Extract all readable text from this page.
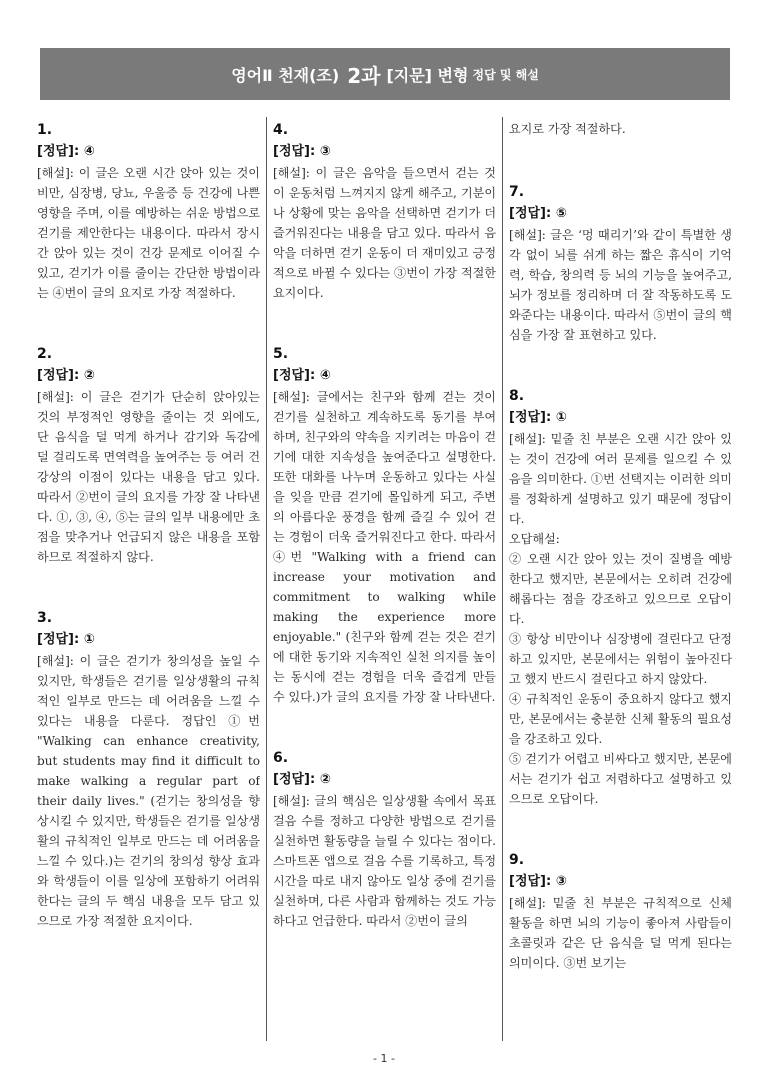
영어Ⅱ 천재(조) 2과 [지문] 변형 정답 및 해설
1.
[정답]: ④

[해설]: 이 글은 오랜 시간 앉아 있는 것이 비만, 심장병, 당뇨, 우울증 등 건강에 나쁜 영향을 주며, 이를 예방하는 쉬운 방법으로 걷기를 제안한다는 내용이다. 따라서 장시간 앉아 있는 것이 건강 문제로 이어질 수 있고, 걷기가 이를 줄이는 간단한 방법이라는 ④번이 글의 요지로 가장 적절하다.

2.
[정답]: ②

[해설]: 이 글은 걷기가 단순히 앉아있는 것의 부정적인 영향을 줄이는 것 외에도, 단 음식을 덜 먹게 하거나 감기와 독감에 덜 걸리도록 면역력을 높여주는 등 여러 건강상의 이점이 있다는 내용을 담고 있다. 따라서 ②번이 글의 요지를 가장 잘 나타낸다. ①, ③, ④, ⑤는 글의 일부 내용에만 초점을 맞추거나 언급되지 않은 내용을 포함하므로 적절하지 않다.

3.
[정답]: ①

[해설]: 이 글은 걷기가 창의성을 높일 수 있지만, 학생들은 걷기를 일상생활의 규칙적인 일부로 만드는 데 어려움을 느낄 수 있다는 내용을 다룬다. 정답인 ①번 "Walking can enhance creativity, but students may find it difficult to make walking a regular part of their daily lives." (걷기는 창의성을 향상시킬 수 있지만, 학생들은 걷기를 일상생활의 규칙적인 일부로 만드는 데 어려움을 느낄 수 있다.)는 걷기의 창의성 향상 효과와 학생들이 이를 일상에 포함하기 어려워한다는 글의 두 핵심 내용을 모두 담고 있으므로 가장 적절한 요지이다.

4.
[정답]: ③

[해설]: 이 글은 음악을 들으면서 걷는 것이 운동처럼 느껴지지 않게 해주고, 기분이나 상황에 맞는 음악을 선택하면 걷기가 더 즐거워진다는 내용을 담고 있다. 따라서 음악을 더하면 걷기 운동이 더 재미있고 긍정적으로 바뀔 수 있다는 ③번이 가장 적절한 요지이다.

5.
[정답]: ④

[해설]: 글에서는 친구와 함께 걷는 것이 걷기를 실천하고 계속하도록 동기를 부여하며, 친구와의 약속을 지키려는 마음이 걷기에 대한 지속성을 높여준다고 설명한다. 또한 대화를 나누며 운동하고 있다는 사실을 잊을 만큼 걷기에 몰입하게 되고, 주변의 아름다운 풍경을 함께 즐길 수 있어 걷는 경험이 더욱 즐거워진다고 한다. 따라서 ④번 "Walking with a friend can increase your motivation and commitment to walking while making the experience more enjoyable." (친구와 함께 걷는 것은 걷기에 대한 동기와 지속적인 실천 의지를 높이는 동시에 걷는 경험을 더욱 즐겁게 만들 수 있다.)가 글의 요지를 가장 잘 나타낸다.

6.
[정답]: ②

[해설]: 글의 핵심은 일상생활 속에서 목표 걸음 수를 정하고 다양한 방법으로 걷기를 실천하면 활동량을 늘릴 수 있다는 점이다. 스마트폰 앱으로 걸음 수를 기록하고, 특정 시간을 따로 내지 않아도 일상 중에 걷기를 실천하며, 다른 사람과 함께하는 것도 가능하다고 언급한다. 따라서 ②번이 글의

요지로 가장 적절하다.

7.
[정답]: ⑤

[해설]: 글은 ‘멍 때리기’와 같이 특별한 생각 없이 뇌를 쉬게 하는 짧은 휴식이 기억력, 학습, 창의력 등 뇌의 기능을 높여주고, 뇌가 정보를 정리하며 더 잘 작동하도록 도와준다는 내용이다. 따라서 ⑤번이 글의 핵심을 가장 잘 표현하고 있다.

8.
[정답]: ①

[해설]: 밑줄 친 부분은 오랜 시간 앉아 있는 것이 건강에 여러 문제를 일으킬 수 있음을 의미한다. ①번 선택지는 이러한 의미를 정확하게 설명하고 있기 때문에 정답이다.

오답해설:

② 오랜 시간 앉아 있는 것이 질병을 예방한다고 했지만, 본문에서는 오히려 건강에 해롭다는 점을 강조하고 있으므로 오답이다.

③ 항상 비만이나 심장병에 걸린다고 단정하고 있지만, 본문에서는 위험이 높아진다고 했지 반드시 걸린다고 하지 않았다.

④ 규칙적인 운동이 중요하지 않다고 했지만, 본문에서는 충분한 신체 활동의 필요성을 강조하고 있다.

⑤ 걷기가 어렵고 비싸다고 했지만, 본문에서는 걷기가 쉽고 저렴하다고 설명하고 있으므로 오답이다.

9.
[정답]: ③

[해설]: 밑줄 친 부분은 규칙적으로 신체 활동을 하면 뇌의 기능이 좋아져 사람들이 초콜릿과 같은 단 음식을 덜 먹게 된다는 의미이다. ③번 보기는

- 1 -
